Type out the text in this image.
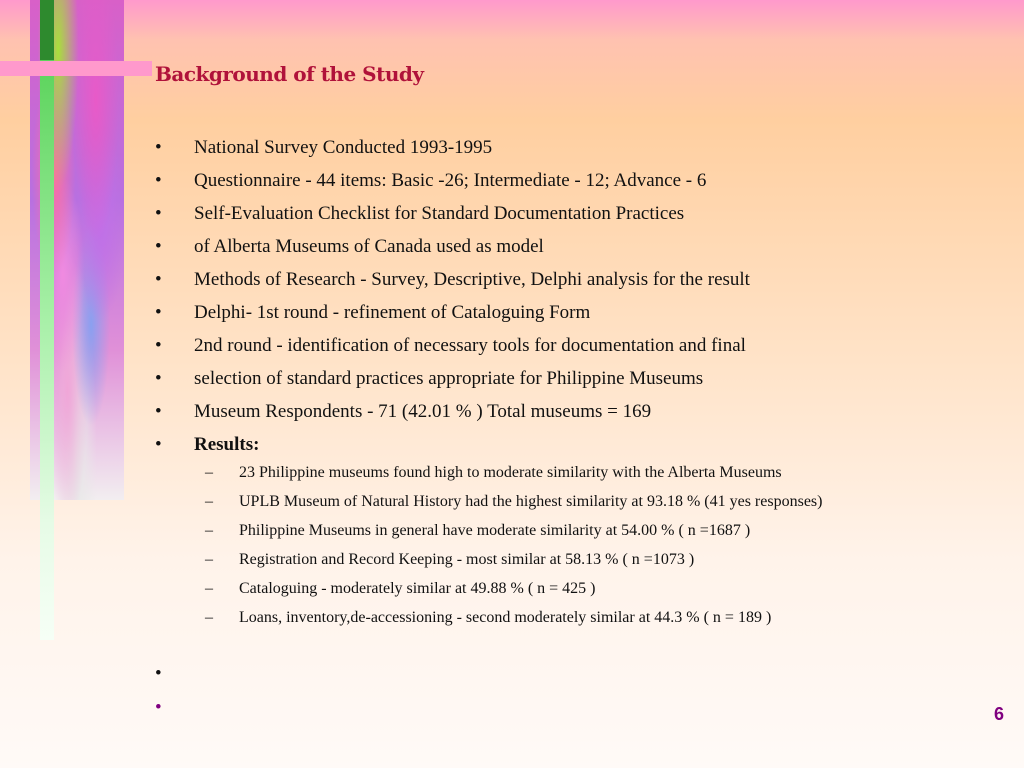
Background of the Study
• National Survey Conducted 1993-1995
• Questionnaire - 44 items: Basic -26; Intermediate - 12; Advance - 6
• Self-Evaluation Checklist for Standard Documentation Practices
• of Alberta Museums of Canada used as model
• Methods of Research - Survey, Descriptive, Delphi analysis for the result
• Delphi- 1st round - refinement of Cataloguing Form
• 2nd round - identification of necessary tools for documentation and final
• selection of standard practices appropriate for Philippine Museums
• Museum Respondents - 71 (42.01 % ) Total museums = 169
• Results:
– 23 Philippine museums found high to moderate similarity with the Alberta Museums
– UPLB Museum of Natural History had the highest similarity at 93.18 % (41 yes responses)
– Philippine Museums in general have moderate similarity at 54.00 % ( n =1687 )
– Registration and Record Keeping - most similar at 58.13 % ( n =1073 )
– Cataloguing - moderately similar at 49.88 % ( n = 425 )
– Loans, inventory,de-accessioning - second moderately similar at 44.3 % ( n = 189 )
•
•	6
